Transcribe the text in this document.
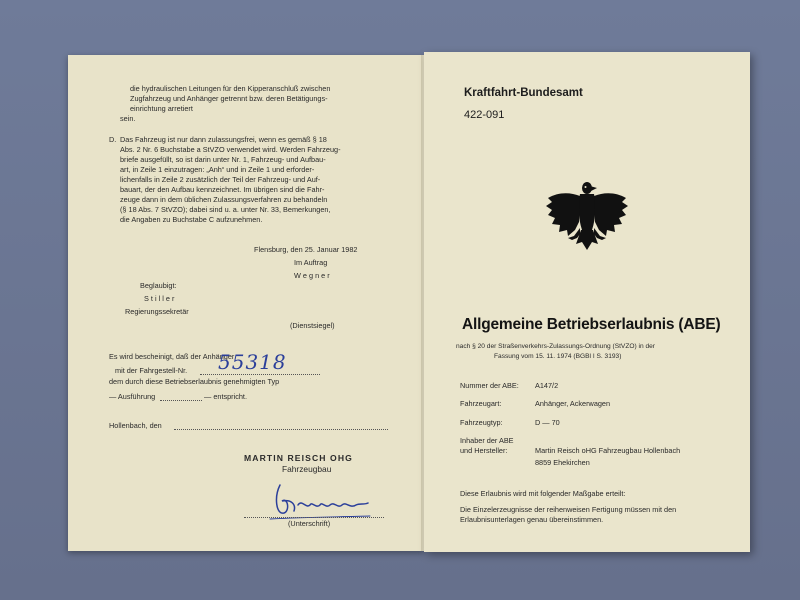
die hydraulischen Leitungen für den Kipperanschluß zwischen
Zugfahrzeug und Anhänger getrennt bzw. deren Betätigungs-
einrichtung arretiert
sein.
D. Das Fahrzeug ist nur dann zulassungsfrei, wenn es gemäß § 18
Abs. 2 Nr. 6 Buchstabe a StVZO verwendet wird. Werden Fahrzeug-
briefe ausgefüllt, so ist darin unter Nr. 1, Fahrzeug- und Aufbau-
art, in Zeile 1 einzutragen: „Anh“ und in Zeile 1 und erforder-
lichenfalls in Zeile 2 zusätzlich der Teil der Fahrzeug- und Auf-
bauart, der den Aufbau kennzeichnet. Im übrigen sind die Fahr-
zeuge dann in dem üblichen Zulassungsverfahren zu behandeln
(§ 18 Abs. 7 StVZO); dabei sind u. a. unter Nr. 33, Bemerkungen,
die Angaben zu Buchstabe C aufzunehmen.
Flensburg, den 25. Januar 1982
Im Auftrag
W e g n e r
Beglaubigt:
S t i l l e r
Regierungssekretär
(Dienstsiegel)
Es wird bescheinigt, daß der Anhänger
mit der Fahrgestell-Nr. 55318
dem durch diese Betriebserlaubnis genehmigten Typ
— Ausführung	— entspricht.
Hollenbach, den
MARTIN REISCH OHG
Fahrzeugbau
(Unterschrift)
Kraftfahrt-Bundesamt
422-091
Allgemeine Betriebserlaubnis (ABE)
nach § 20 der Straßenverkehrs-Zulassungs-Ordnung (StVZO) in der
Fassung vom 15. 11. 1974 (BGBl I S. 3193)
Nummer der ABE: A147/2
Fahrzeugart:	Anhänger, Ackerwagen
Fahrzeugtyp:	D — 70
Inhaber der ABE
und Hersteller:	Martin Reisch oHG Fahrzeugbau Hollenbach
8859 Ehekirchen
Diese Erlaubnis wird mit folgender Maßgabe erteilt:
Die Einzelerzeugnisse der reihenweisen Fertigung müssen mit den
Erlaubnisunterlagen genau übereinstimmen.
